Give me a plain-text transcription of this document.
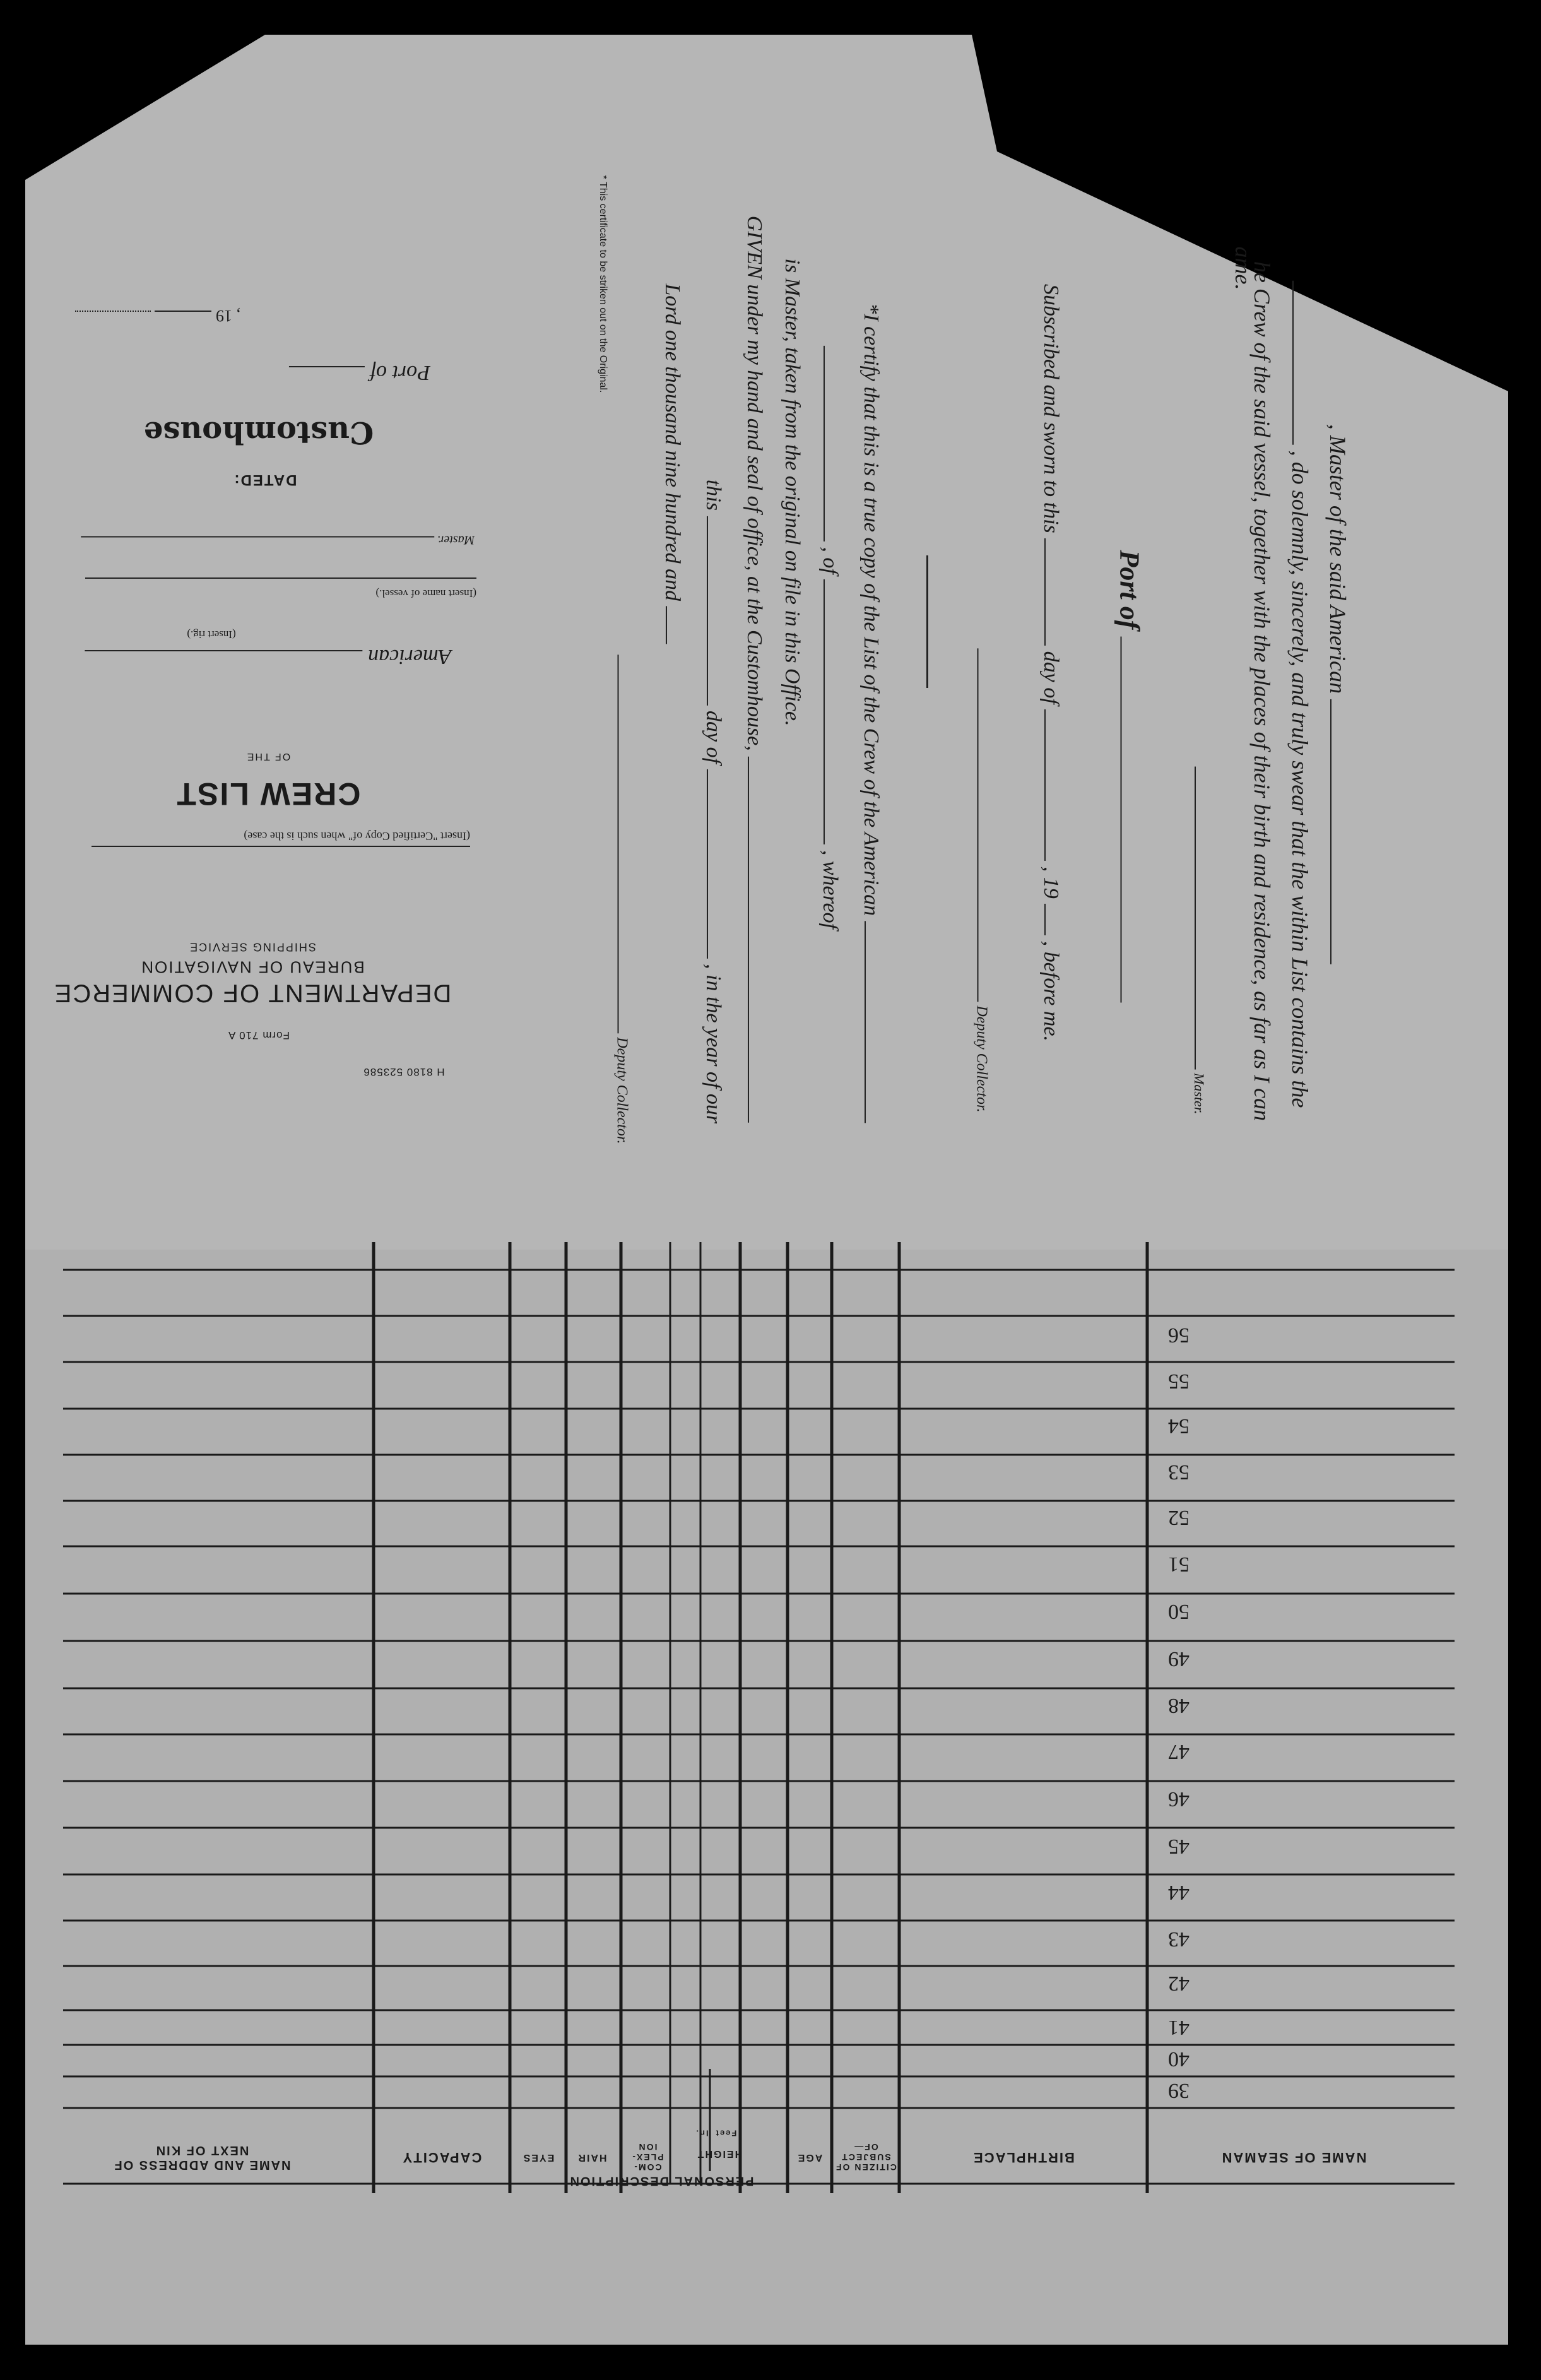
, Master of the said American
, do solemnly, sincerely, and truly swear that the within List contains the
he Crew of the said vessel, together with the places of their birth and residence, as far as I can
ame.
Master.
Port of
Subscribed and sworn to this  day of  , 19  , before me.
Deputy Collector.
*I certify that this is a true copy of the List of the Crew of the American
, of  , whereof
is Master, taken from the original on file in this Office.
GIVEN under my hand and seal of office, at the Customhouse,
this  day of  , in the year of our
Lord one thousand nine hundred and
Deputy Collector.
* This certificate to be striken out on the Original.
H 8180 523586
Form 710 A
DEPARTMENT OF COMMERCE
BUREAU OF NAVIGATION
SHIPPING SERVICE

(Insert "Certified Copy of" when such is the case)
CREW LIST
OF THE
American
(Insert rig.)
(Insert name of vessel.)

Master.
DATED:
Customhouse
Port of
, 19
39
40
41
42
43
44
45
46
47
48
49
50
51
52
53
54
55
56
NAME OF SEAMAN
BIRTHPLACE
CITIZEN OF SUBJECT OF—
AGE
PERSONAL DESCRIPTION
HEIGHT
Feet
In.
COM- PLEX- ION
HAIR
EYES
CAPACITY
NAME AND ADDRESS OF NEXT OF KIN
